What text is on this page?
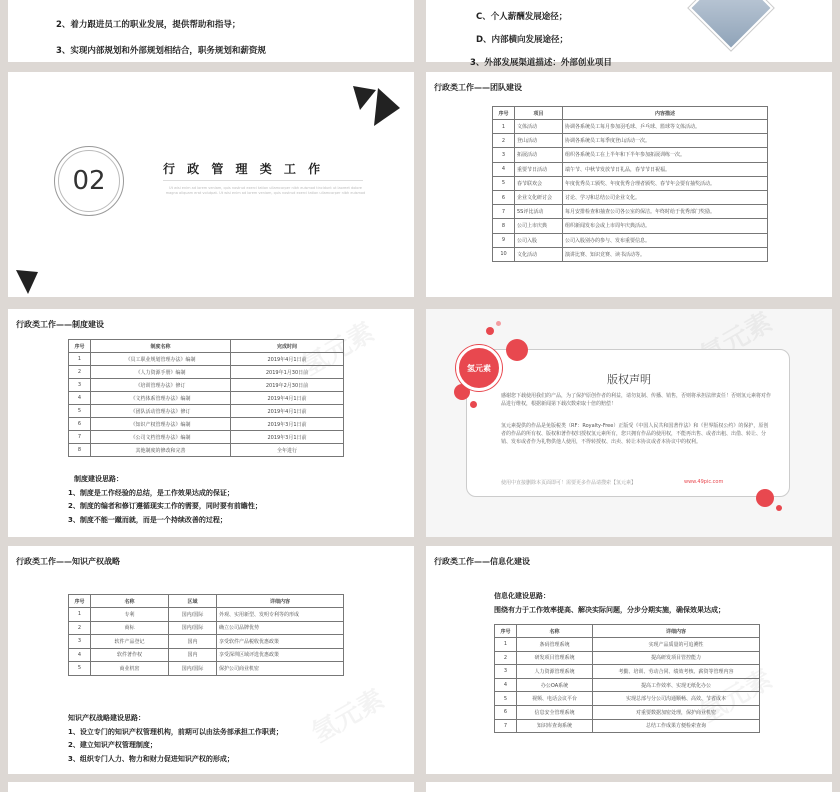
2、着力跟进员工的职业发展，提供帮助和指导；
3、实现内部规划和外部规划相结合，职务规划和薪资规
C、个人薪酬发展途径；
D、内部横向发展途径；
3、外部发展渠道描述：外部创业项目
02	行 政 管 理 类 工 作
Ut wisi enim ad lorem veniam, quis nostrud exerci tation ullamcorper nibh euismod tincidunt ut laoreet dolore magna aliquam erat volutpat. Ut wisi enim ad lorem veniam, quis nostrud exerci tation ullamcorper nibh euismod
行政类工作——团队建设
序号	项目	内容描述
1	文体活动	协调各系统员工每月参加羽毛球、乒乓球、篮球等文体活动。
2	登山活动	协调各系统员工每季度登山活动一次。
3	拓展活动	组织各系统员工在上半年和下半年参加拓展训练一次。
4	重要节日活动	端午节、中秋节发放节日礼品，春节节日祝福。
5	春节联欢会	年度优秀员工颁奖、年度优秀合理者颁奖、春节年会要有抽奖活动。
6	企业文化研讨会	讨论、学习和总结公司企业文化。
7	5S评比活动	每月安排检查和抽查公司各公室的保洁。年终时给于优秀部门奖励。
8	公司上市庆典	组织新闻发布会或上市周年庆典活动。
9	公司入股	公司入股别办的参与、发布重要信息。
10	文化活动	演讲比赛、知识竞赛、读书活动等。
行政类工作——制度建设
序号	制度名称	完成时间
1	《员工职业规划管理办法》编制	2019年4月1日前
2	《人力资源手册》编制	2019年1月30日前
3	《培训管理办法》修订	2019年2月30日前
4	《文档体系管理办法》编制	2019年4月1日前
5	《团队活动管理办法》修订	2019年4月1日前
6	《知识产权管理办法》编制	2019年3月1日前
7	《公司文档管理办法》编制	2019年3月1日前
8	其他制度的修改和完善	全年进行
制度建设思路：
1、制度是工作经验的总结，是工作效果达成的保证；
2、制度的编者和修订遵循现实工作的需要，同时要有前瞻性；
3、制度不能一蹴而就，而是一个持续改善的过程；
氢元素
版权声明
感谢您下载使用我们的产品，为了保护原创作者的利益，请勿复制、传播、销售，否则将承担法律责任！否则氢元素将对作品进行维权，根据新闻第下载次数索取十倍的赔偿！
氢元素提供的作品是免版税类（RF：Royalty-Free）正版受《中国人民共和国著作法》和《世界版权公约》的保护，原创者的作品的所有权、版权和著作权归授权氢元素所有，您只拥有作品的使用权，不能再出售、或者出租、出借、转让、分销、发布或者作为礼物供他人使用，不得转授权、出卖、转让本协议或者本协议中的权利。
使用中直接删除本页面即可！需要更多作品请搜索【氢元素】	www.49pic.com
行政类工作——知识产权战略
序号	名称	区域	详细内容
1	专利	国内/国际	外观、实用新型、发明专利等的形成
2	商标	国内/国际	确立公司品牌优势
3	软件产品登记	国内	享受软件产品税收优惠政策
4	软件著作权	国内	享受深圳区域评选优惠政策
5	商业机密	国内/国际	保护公司商业机密
知识产权战略建设思路：
1、设立专门的知识产权管理机构，前期可以由法务部承担工作职责；
2、建立知识产权管理制度；
3、组织专门人力、物力和财力促进知识产权的形成；
行政类工作——信息化建设
信息化建设思路：
围绕有力于工作效率提高、解决实际问题，分步分期实施，确保效果达成；
序号	名称	详细内容
1	条码管理系统	实现产品质量的可追溯性
2	研发项目管理系统	提高研发项目管控能力
3	人力资源管理系统	考勤、培训、劳动合同、绩效考核、薪资等管理内容
4	办公OA系统	提高工作效率、实现无纸化办公
5	视频、电话会议平台	实现总部与分公司沟通顺畅、高效、节省成本
6	信息安全管理系统	对重要数据加密处理，保护商业机密
7	知识库查询系统	总结工作成果方便检索查询
